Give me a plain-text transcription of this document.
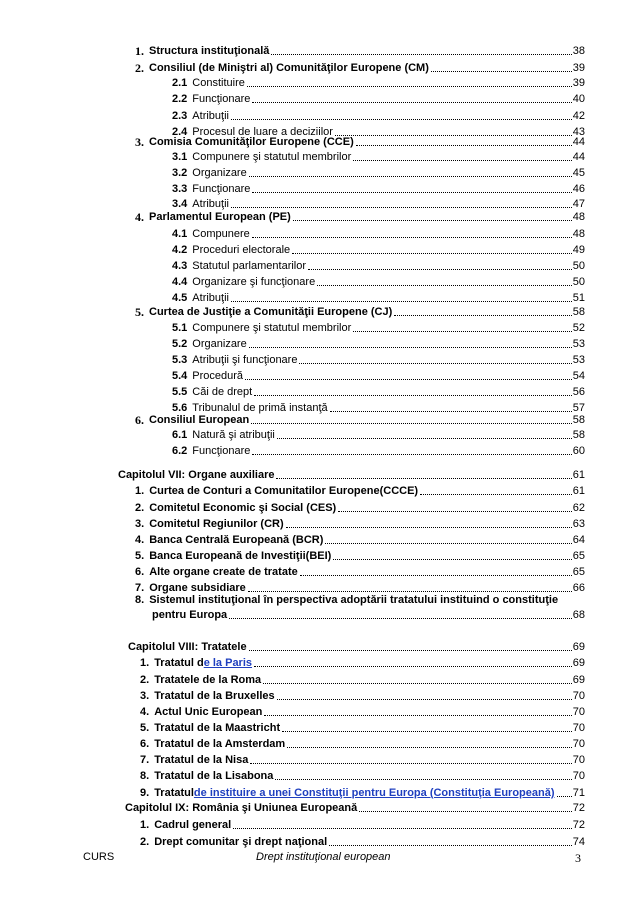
1. Structura instituţională	38
2. Consiliul (de Miniştri al) Comunităţilor Europene (CM)	39
2.1 Constituire	39
2.2 Funcţionare	40
2.3 Atribuţii	42
2.4 Procesul de luare a deciziilor	43
3. Comisia Comunităţilor Europene (CCE)	44
3.1 Compunere şi statutul membrilor	44
3.2 Organizare	45
3.3 Funcţionare	46
3.4 Atribuţii	47
4. Parlamentul European (PE)	48
4.1 Compunere	48
4.2 Proceduri electorale	49
4.3 Statutul parlamentarilor	50
4.4 Organizare şi funcţionare	50
4.5 Atribuţii	51
5. Curtea de Justiţie a Comunităţii Europene (CJ)	58
5.1 Compunere şi statutul membrilor	52
5.2 Organizare	53
5.3 Atribuţii şi funcţionare	53
5.4 Procedură	54
5.5 Căi de drept	56
5.6 Tribunalul de primă instanţă	57
6. Consiliul European	58
6.1 Natură şi atribuţii	58
6.2 Funcţionare	60
Capitolul VII: Organe auxiliare	61
1. Curtea de Conturi a Comunitatilor Europene(CCCE)	61
2. Comitetul Economic şi Social (CES)	62
3. Comitetul Regiunilor (CR)	63
4. Banca Centrală Europeană (BCR)	64
5. Banca Europeană de Investiţii(BEI)	65
6. Alte organe create de tratate	65
7. Organe subsidiare	66
8. Sistemul instituţional în perspectiva adoptării tratatului instituind o constituţie
pentru Europa	68
Capitolul VIII: Tratatele	69
1. Tratatul d e la Paris	69
2. Tratatele de la Roma	69
3. Tratatul de la Bruxelles	70
4. Actul Unic European	70
5. Tratatul de la Maastricht	70
6. Tratatul de la Amsterdam	70
7. Tratatul de la Nisa	70
8. Tratatul de la Lisabona	70
9. Tratatul de instituire a unei Constituţii pentru Europa (Constituţia Europeană) 71
Capitolul IX: România şi Uniunea Europeană	72
1. Cadrul general	72
2. Drept comunitar şi drept naţional	74
CURS	Drept instituţional european	3
